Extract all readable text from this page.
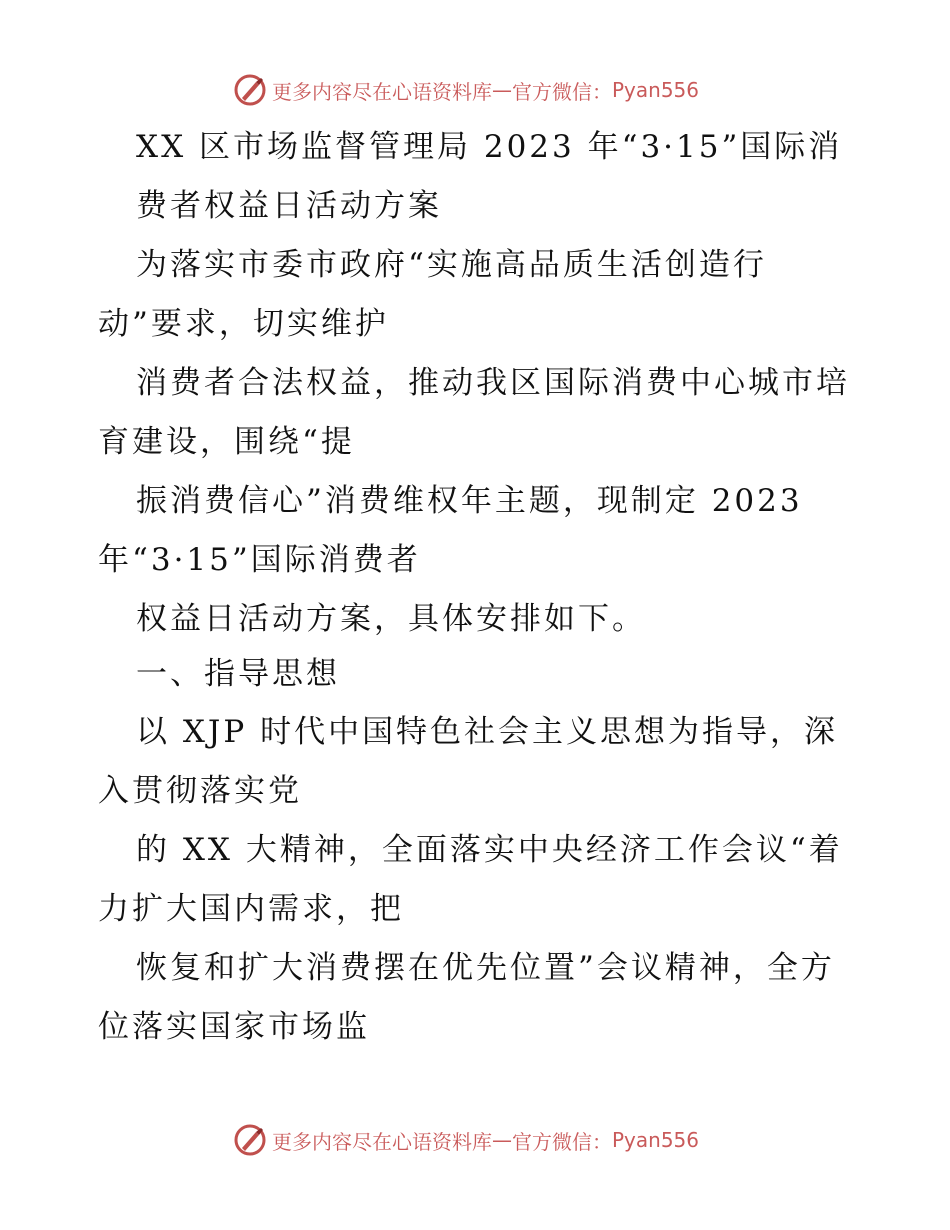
更多内容尽在心语资料库 — 官方微信： Pyan556
XX 区市场监督管理局 2023 年“3·15”国际消
费者权益日活动方案
为落实市委市政府“实施高品质生活创造行
动”要求，切实维护
消费者合法权益，推动我区国际消费中心城市培
育建设，围绕“提
振消费信心”消费维权年主题，现制定 2023
年“3·15”国际消费者
权益日活动方案，具体安排如下。
一、指导思想
以 XJP 时代中国特色社会主义思想为指导，深
入贯彻落实党
的 XX 大精神，全面落实中央经济工作会议“着
力扩大国内需求，把
恢复和扩大消费摆在优先位置”会议精神，全方
位落实国家市场监
更多内容尽在心语资料库 — 官方微信： Pyan556
